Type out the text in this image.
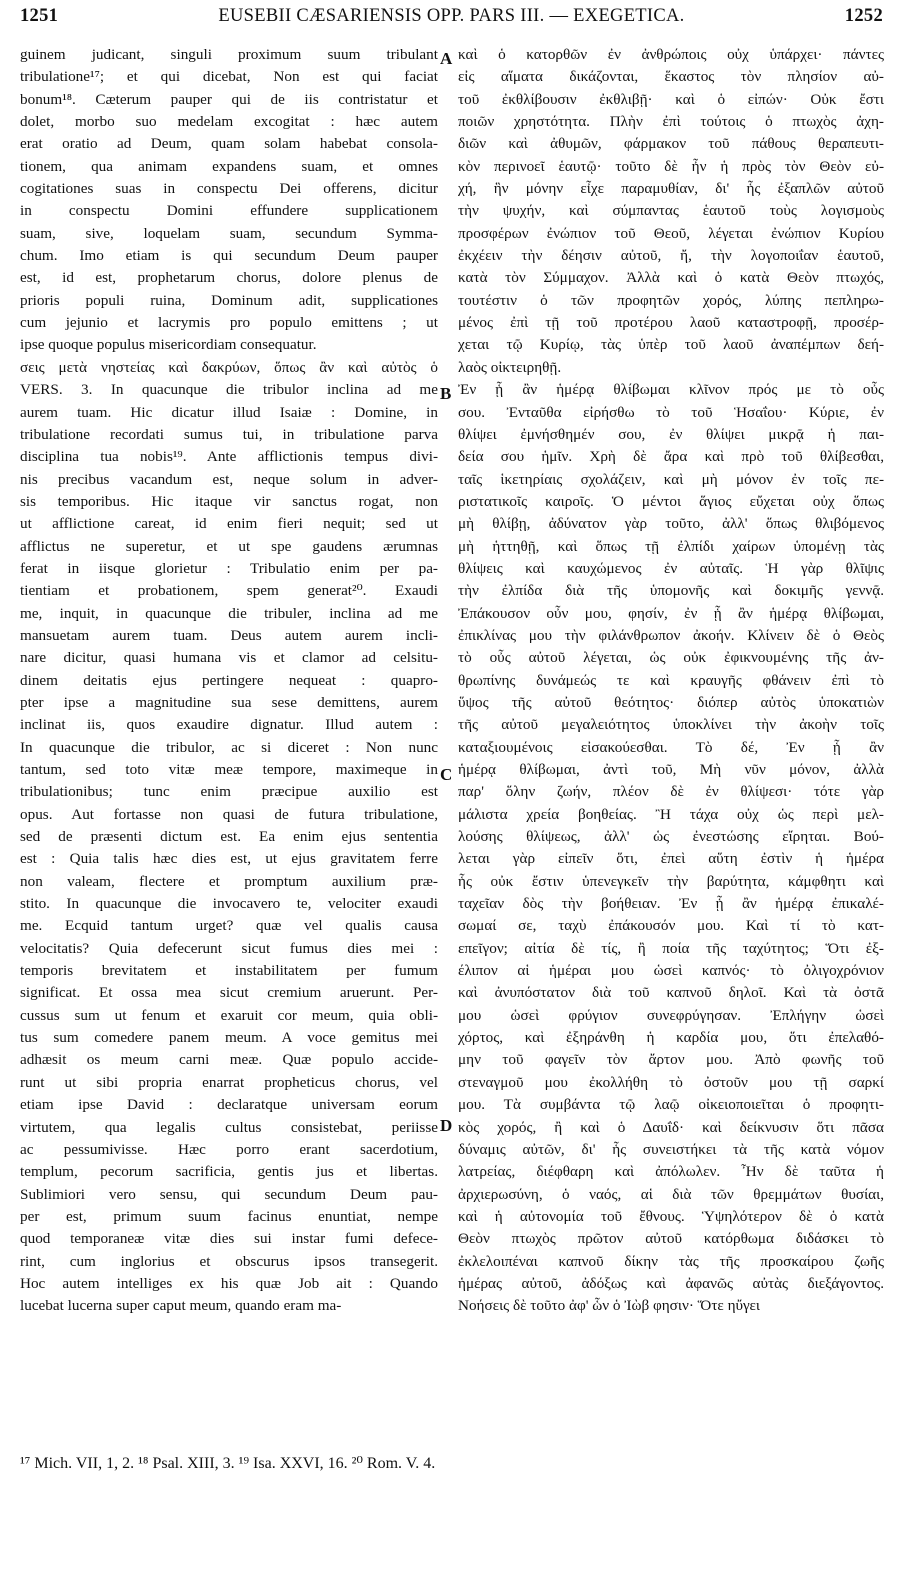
1251	EUSEBII CÆSARIENSIS OPP. PARS III. — EXEGETICA.	1252
guinem judicant, singuli proximum suum tribulant
tribulatione¹⁷; et qui dicebat, Non est qui faciat
bonum¹⁸. Cæterum pauper qui de iis contristatur et
dolet, morbo suo medelam excogitat : hæc autem
erat oratio ad Deum, quam solam habebat consola-
tionem, qua animam expandens suam, et omnes
cogitationes suas in conspectu Dei offerens, dicitur
in conspectu Domini effundere supplicationem
suam, sive, loquelam suam, secundum Symma-
chum. Imo etiam is qui secundum Deum pauper
est, id est, prophetarum chorus, dolore plenus de
prioris populi ruina, Dominum adit, supplicationes
cum jejunio et lacrymis pro populo emittens ; ut
ipse quoque populus misericordiam consequatur.
σεις μετὰ νηστείας καὶ δακρύων, ὅπως ἂν καὶ αὐτὸς ὁ
VERS. 3. In quacunque die tribulor inclina ad me
aurem tuam. Hic dicatur illud Isaiæ : Domine, in
tribulatione recordati sumus tui, in tribulatione parva
disciplina tua nobis¹⁹. Ante afflictionis tempus divi-
nis precibus vacandum est, neque solum in adver-
sis temporibus. Hic itaque vir sanctus rogat, non
ut afflictione careat, id enim fieri nequit; sed ut
afflictus ne superetur, et ut spe gaudens ærumnas
ferat in iisque glorietur : Tribulatio enim per pa-
tientiam et probationem, spem generat²⁰. Exaudi
me, inquit, in quacunque die tribuler, inclina ad me
mansuetam aurem tuam. Deus autem aurem incli-
nare dicitur, quasi humana vis et clamor ad celsitu-
dinem deitatis ejus pertingere nequeat : quapro-
pter ipse a magnitudine sua sese demittens, aurem
inclinat iis, quos exaudire dignatur. Illud autem :
In quacunque die tribulor, ac si diceret : Non nunc
tantum, sed toto vitæ meæ tempore, maximeque in
tribulationibus; tunc enim præcipue auxilio est
opus. Aut fortasse non quasi de futura tribulatione,
sed de præsenti dictum est. Ea enim ejus sententia
est : Quia talis hæc dies est, ut ejus gravitatem ferre
non valeam, flectere et promptum auxilium præ-
stito. In quacunque die invocavero te, velociter exaudi
me. Ecquid tantum urget? quæ vel qualis causa
velocitatis? Quia defecerunt sicut fumus dies mei :
temporis brevitatem et instabilitatem per fumum
significat. Et ossa mea sicut cremium aruerunt. Per-
cussus sum ut fenum et exaruit cor meum, quia obli-
tus sum comedere panem meum. A voce gemitus mei
adhæsit os meum carni meæ. Quæ populo accide-
runt ut sibi propria enarrat propheticus chorus, vel
etiam ipse David : declaratque universam eorum
virtutem, qua legalis cultus consistebat, periisse
ac pessumivisse. Hæc porro erant sacerdotium,
templum, pecorum sacrificia, gentis jus et libertas.
Sublimiori vero sensu, qui secundum Deum pau-
per est, primum suum facinus enuntiat, nempe
quod temporaneæ vitæ dies sui instar fumi defece-
rint, cum inglorius et obscurus ipsos transegerit.
Hoc autem intelliges ex his quæ Job ait : Quando
lucebat lucerna super caput meum, quando eram ma-
καὶ ὁ κατορθῶν ἐν ἀνθρώποις οὐχ ὑπάρχει· πάντες
εἰς αἵματα δικάζονται, ἕκαστος τὸν πλησίον αὐ-
τοῦ ἐκθλίβουσιν ἐκθλιβῇ· καὶ ὁ εἰπών· Οὐκ ἔστι
ποιῶν χρηστότητα. Πλὴν ἐπὶ τούτοις ὁ πτωχὸς ἀχη-
διῶν καὶ ἀθυμῶν, φάρμακον τοῦ πάθους θεραπευτι-
κὸν περινοεῖ ἑαυτῷ· τοῦτο δὲ ἦν ἡ πρὸς τὸν Θεὸν εὐ-
χή, ἣν μόνην εἶχε παραμυθίαν, δι' ἧς ἐξαπλῶν αὐτοῦ
τὴν ψυχήν, καὶ σύμπαντας ἑαυτοῦ τοὺς λογισμοὺς
προσφέρων ἐνώπιον τοῦ Θεοῦ, λέγεται ἐνώπιον Κυρίου
ἐκχέειν τὴν δέησιν αὐτοῦ, ἤ, τὴν λογοποιΐαν ἑαυτοῦ,
κατὰ τὸν Σύμμαχον. Ἀλλὰ καὶ ὁ κατὰ Θεὸν πτωχός,
τουτέστιν ὁ τῶν προφητῶν χορός, λύπης πεπληρω-
μένος ἐπὶ τῇ τοῦ προτέρου λαοῦ καταστροφῇ, προσέρ-
χεται τῷ Κυρίῳ, τὰς ὑπὲρ τοῦ λαοῦ ἀναπέμπων δεή-
λαὸς οἰκτειρηθῇ.
Ἐν ᾗ ἂν ἡμέρᾳ θλίβωμαι κλῖνον πρός με τὸ οὖς
σου. Ἐνταῦθα εἰρήσθω τὸ τοῦ Ἡσαΐου· Κύριε, ἐν
θλίψει ἐμνήσθημέν σου, ἐν θλίψει μικρᾷ ἡ παι-
δεία σου ἡμῖν. Χρὴ δὲ ἄρα καὶ πρὸ τοῦ θλίβεσθαι,
ταῖς ἱκετηρίαις σχολάζειν, καὶ μὴ μόνον ἐν τοῖς πε-
ριστατικοῖς καιροῖς. Ὁ μέντοι ἅγιος εὔχεται οὐχ ὅπως
μὴ θλίβῃ, ἀδύνατον γὰρ τοῦτο, ἀλλ' ὅπως θλιβόμενος
μὴ ἡττηθῇ, καὶ ὅπως τῇ ἐλπίδι χαίρων ὑπομένῃ τὰς
θλίψεις καὶ καυχώμενος ἐν αὐταῖς. Ἡ γὰρ θλῖψις
τὴν ἐλπίδα διὰ τῆς ὑπομονῆς καὶ δοκιμῆς γεννᾷ.
Ἐπάκουσον οὖν μου, φησίν, ἐν ᾗ ἂν ἡμέρᾳ θλίβωμαι,
ἐπικλίνας μου τὴν φιλάνθρωπον ἀκοήν. Κλίνειν δὲ ὁ Θεὸς
τὸ οὖς αὐτοῦ λέγεται, ὡς οὐκ ἐφικνουμένης τῆς ἀν-
θρωπίνης δυνάμεώς τε καὶ κραυγῆς φθάνειν ἐπὶ τὸ
ὕψος τῆς αὐτοῦ θεότητος· διόπερ αὐτὸς ὑποκατιὼν
τῆς αὐτοῦ μεγαλειότητος ὑποκλίνει τὴν ἀκοὴν τοῖς
καταξιουμένοις εἰσακούεσθαι. Τὸ δέ, Ἐν ᾗ ἂν
ἡμέρᾳ θλίβωμαι, ἀντὶ τοῦ, Μὴ νῦν μόνον, ἀλλὰ
παρ' ὅλην ζωήν, πλέον δὲ ἐν θλίψεσι· τότε γὰρ
μάλιστα χρεία βοηθείας. Ἢ τάχα οὐχ ὡς περὶ μελ-
λούσης θλίψεως, ἀλλ' ὡς ἐνεστώσης εἴρηται. Βού-
λεται γὰρ εἰπεῖν ὅτι, ἐπεὶ αὕτη ἐστὶν ἡ ἡμέρα
ἧς οὐκ ἔστιν ὑπενεγκεῖν τὴν βαρύτητα, κάμφθητι καὶ
ταχεῖαν δὸς τὴν βοήθειαν. Ἐν ᾗ ἂν ἡμέρᾳ ἐπικαλέ-
σωμαί σε, ταχὺ ἐπάκουσόν μου. Καὶ τί τὸ κατ-
επεῖγον; αἰτία δὲ τίς, ἢ ποία τῆς ταχύτητος; Ὅτι ἐξ-
έλιπον αἱ ἡμέραι μου ὡσεὶ καπνός· τὸ ὀλιγοχρόνιον
καὶ ἀνυπόστατον διὰ τοῦ καπνοῦ δηλοῖ. Καὶ τὰ ὀστᾶ
μου ὡσεὶ φρύγιον συνεφρύγησαν. Ἐπλήγην ὡσεὶ
χόρτος, καὶ ἐξηράνθη ἡ καρδία μου, ὅτι ἐπελαθό-
μην τοῦ φαγεῖν τὸν ἄρτον μου. Ἀπὸ φωνῆς τοῦ
στεναγμοῦ μου ἐκολλήθη τὸ ὀστοῦν μου τῇ σαρκί
μου. Τὰ συμβάντα τῷ λαῷ οἰκειοποιεῖται ὁ προφητι-
κὸς χορός, ἢ καὶ ὁ Δαυΐδ· καὶ δείκνυσιν ὅτι πᾶσα
δύναμις αὐτῶν, δι' ἧς συνειστήκει τὰ τῆς κατὰ νόμον
λατρείας, διέφθαρη καὶ ἀπόλωλεν. Ἦν δὲ ταῦτα ἡ
ἀρχιερωσύνη, ὁ ναός, αἱ διὰ τῶν θρεμμάτων θυσίαι,
καὶ ἡ αὐτονομία τοῦ ἔθνους. Ὑψηλότερον δὲ ὁ κατὰ
Θεὸν πτωχὸς πρῶτον αὐτοῦ κατόρθωμα διδάσκει τὸ
ἐκλελοιπέναι καπνοῦ δίκην τὰς τῆς προσκαίρου ζωῆς
ἡμέρας αὐτοῦ, ἀδόξως καὶ ἀφανῶς αὐτὰς διεξάγοντος.
Νοήσεις δὲ τοῦτο ἀφ' ὧν ὁ Ἰὼβ φησιν· Ὅτε ηὔγει
A
B
C
D
¹⁷ Mich. VII, 1, 2. ¹⁸ Psal. XIII, 3. ¹⁹ Isa. XXVI, 16. ²⁰ Rom. V. 4.
